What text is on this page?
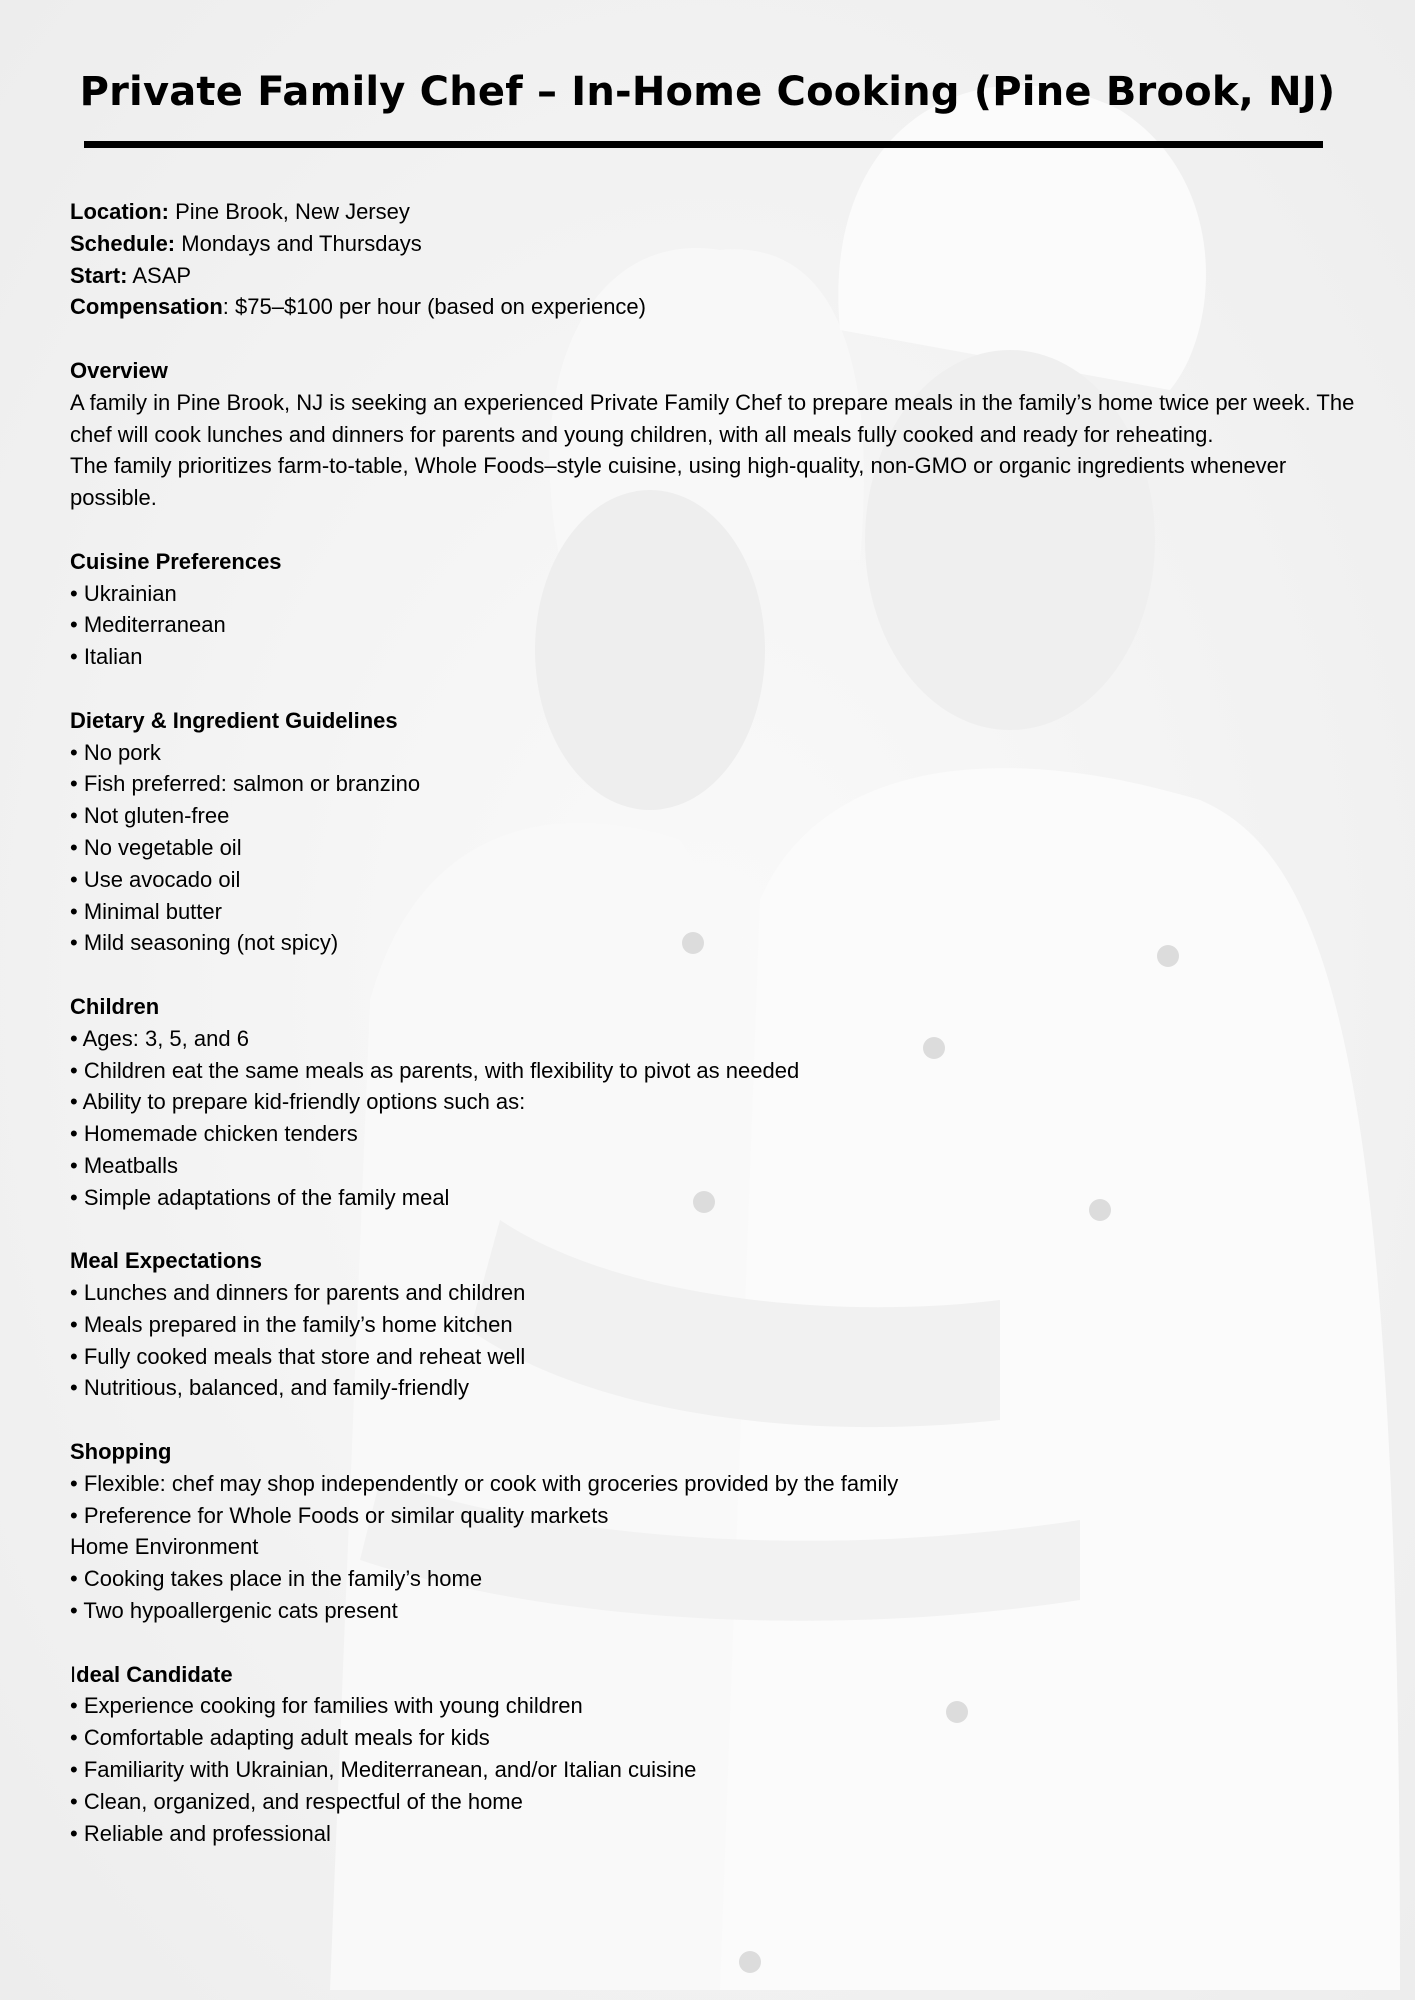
Private Family Chef – In-Home Cooking (Pine Brook, NJ)

Location: Pine Brook, New Jersey

Schedule: Mondays and Thursdays

Start: ASAP

Compensation: $75–$100 per hour (based on experience)

Overview

A family in Pine Brook, NJ is seeking an experienced Private Family Chef to prepare meals in the family’s home twice per week. The chef will cook lunches and dinners for parents and young children, with all meals fully cooked and ready for reheating.

The family prioritizes farm-to-table, Whole Foods–style cuisine, using high-quality, non-GMO or organic ingredients whenever possible.

Cuisine Preferences

• Ukrainian

• Mediterranean

• Italian

Dietary & Ingredient Guidelines

• No pork

• Fish preferred: salmon or branzino

• Not gluten-free

• No vegetable oil

• Use avocado oil

• Minimal butter

• Mild seasoning (not spicy)

Children

• Ages: 3, 5, and 6

• Children eat the same meals as parents, with flexibility to pivot as needed

• Ability to prepare kid-friendly options such as:

• Homemade chicken tenders

• Meatballs

• Simple adaptations of the family meal

Meal Expectations

• Lunches and dinners for parents and children

• Meals prepared in the family’s home kitchen

• Fully cooked meals that store and reheat well

• Nutritious, balanced, and family-friendly

Shopping

• Flexible: chef may shop independently or cook with groceries provided by the family

• Preference for Whole Foods or similar quality markets

Home Environment

• Cooking takes place in the family’s home

• Two hypoallergenic cats present

Ideal Candidate

• Experience cooking for families with young children

• Comfortable adapting adult meals for kids

• Familiarity with Ukrainian, Mediterranean, and/or Italian cuisine

• Clean, organized, and respectful of the home

• Reliable and professional
